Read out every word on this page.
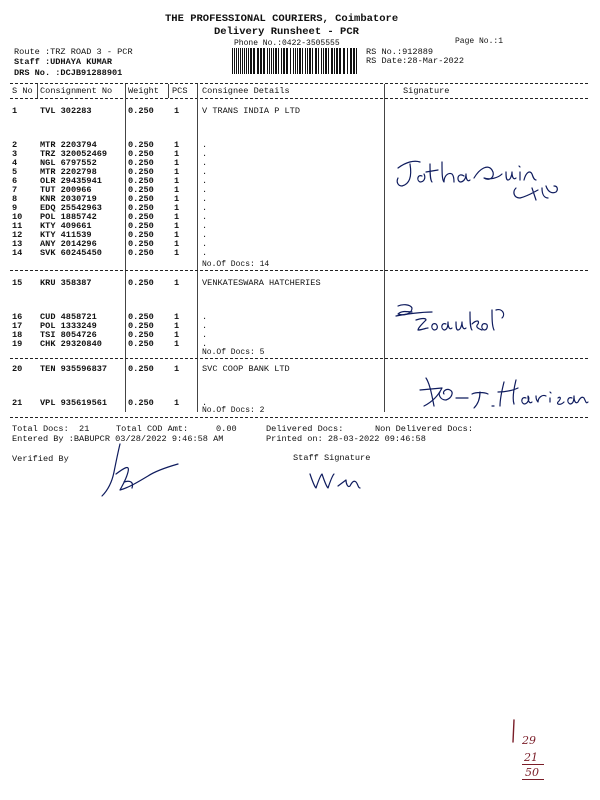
THE PROFESSIONAL COURIERS, Coimbatore
Delivery Runsheet - PCR
Phone No.:0422-3505555	Page No.:1
Route :TRZ ROAD 3 - PCR
Staff :UDHAYA KUMAR
DRS No. :DCJB91288901
RS No.:912889
RS Date:28-Mar-2022
S No Consignment No Weight PCS Consignee Details	Signature
1	TVL 302283	0.250 1	V TRANS INDIA P LTD
2	MTR 2203794	0.250 1	.
3	TRZ 320052469 0.250 1	.
4	NGL 6797552	0.250 1	.
5	MTR 2202798	0.250 1	.
6	OLR 29435941	0.250 1	.
7	TUT 200966	0.250 1	.
8	KNR 2030719	0.250 1	.
9	EDQ 25542963	0.250 1	.
10 POL 1885742	0.250 1	.
11 KTY 409661	0.250 1	.
12 KTY 411539	0.250 1	.
13 ANY 2014296	0.250 1	.
14 SVK 60245450	0.250 1	.
No.Of Docs: 14
15 KRU 358387	0.250 1	VENKATESWARA HATCHERIES
16 CUD 4858721	0.250 1	.
17 POL 1333249	0.250 1	.
18 TSI 8054726	0.250 1	.
19 CHK 29320840	0.250 1	.
No.Of Docs: 5
20 TEN 935596837 0.250 1	SVC COOP BANK LTD
21 VPL 935619561 0.250 1	.
No.Of Docs: 2
Total Docs:  21	Total COD Amt:	0.00	Delivered Docs:	Non Delivered Docs:
Entered By :BABUPCR 03/28/2022 9:46:58 AM	Printed on: 28-03-2022 09:46:58
Verified By	Staff Signature
29
21
50
